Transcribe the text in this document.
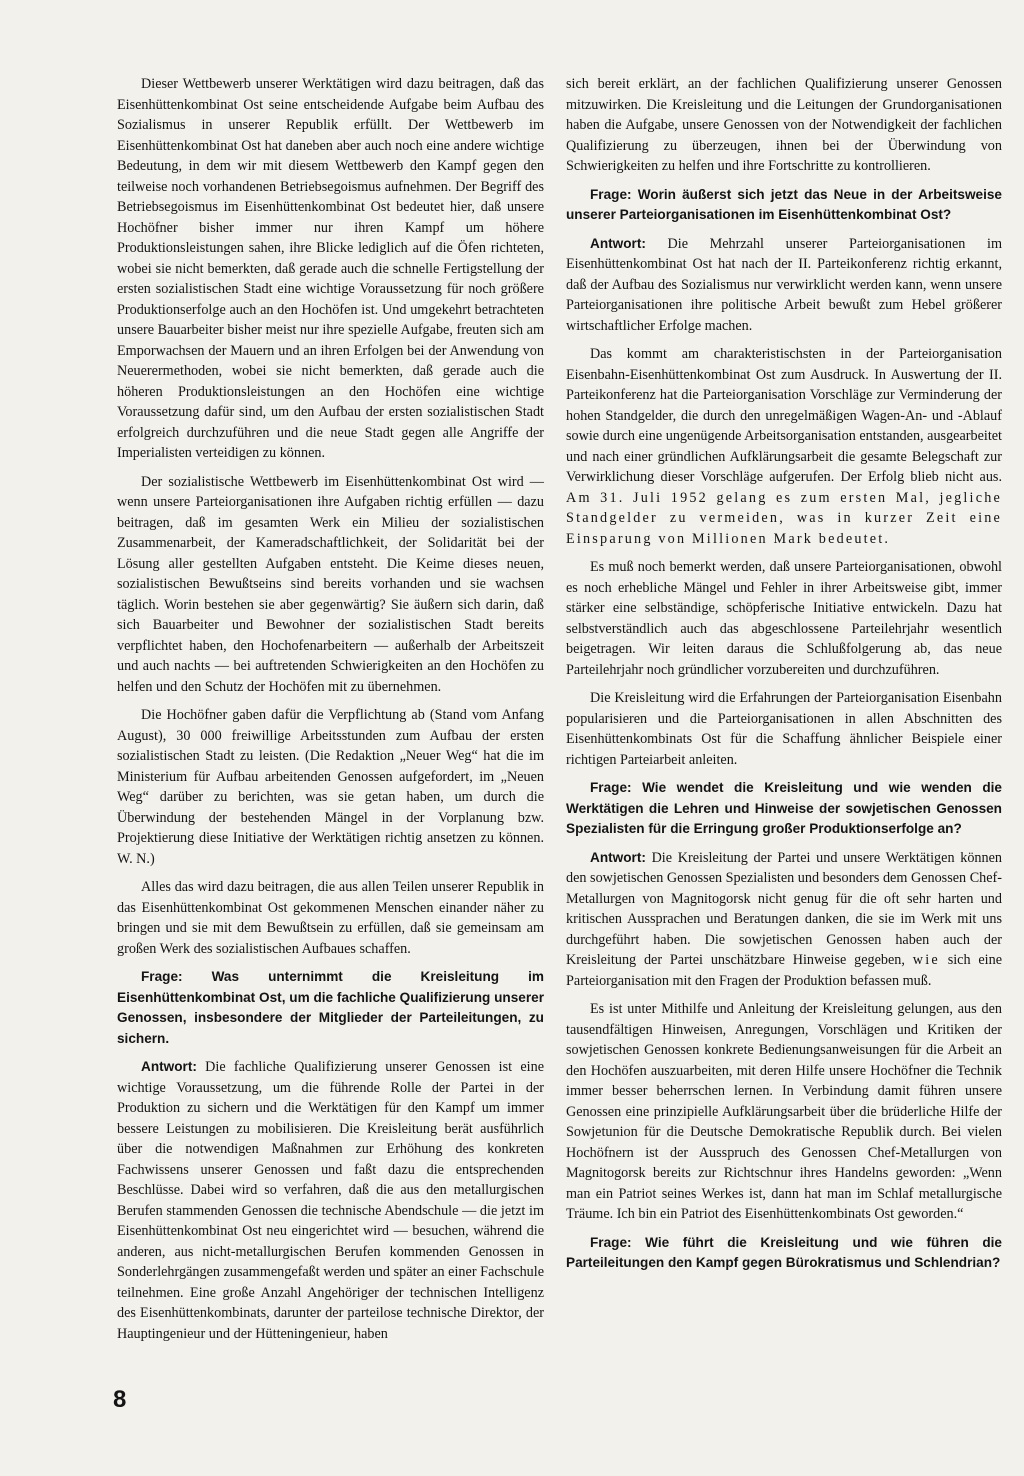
Dieser Wettbewerb unserer Werktätigen wird dazu beitragen, daß das Eisenhüttenkombinat Ost seine entscheidende Aufgabe beim Aufbau des Sozialismus in unserer Republik erfüllt. Der Wettbewerb im Eisenhüttenkombinat Ost hat daneben aber auch noch eine andere wichtige Bedeutung, in dem wir mit diesem Wettbewerb den Kampf gegen den teilweise noch vorhandenen Betriebsegoismus aufnehmen. Der Begriff des Betriebsegoismus im Eisenhüttenkombinat Ost bedeutet hier, daß unsere Hochöfner bisher immer nur ihren Kampf um höhere Produktionsleistungen sahen, ihre Blicke lediglich auf die Öfen richteten, wobei sie nicht bemerkten, daß gerade auch die schnelle Fertigstellung der ersten sozialistischen Stadt eine wichtige Voraussetzung für noch größere Produktionserfolge auch an den Hochöfen ist. Und umgekehrt betrachteten unsere Bauarbeiter bisher meist nur ihre spezielle Aufgabe, freuten sich am Emporwachsen der Mauern und an ihren Erfolgen bei der Anwendung von Neuerermethoden, wobei sie nicht bemerkten, daß gerade auch die höheren Produktionsleistungen an den Hochöfen eine wichtige Voraussetzung dafür sind, um den Aufbau der ersten sozialistischen Stadt erfolgreich durchzuführen und die neue Stadt gegen alle Angriffe der Imperialisten verteidigen zu können.

Der sozialistische Wettbewerb im Eisenhüttenkombinat Ost wird — wenn unsere Parteiorganisationen ihre Aufgaben richtig erfüllen — dazu beitragen, daß im gesamten Werk ein Milieu der sozialistischen Zusammenarbeit, der Kameradschaftlichkeit, der Solidarität bei der Lösung aller gestellten Aufgaben entsteht. Die Keime dieses neuen, sozialistischen Bewußtseins sind bereits vorhanden und sie wachsen täglich. Worin bestehen sie aber gegenwärtig? Sie äußern sich darin, daß sich Bauarbeiter und Bewohner der sozialistischen Stadt bereits verpflichtet haben, den Hochofenarbeitern — außerhalb der Arbeitszeit und auch nachts — bei auftretenden Schwierigkeiten an den Hochöfen zu helfen und den Schutz der Hochöfen mit zu übernehmen.

Die Hochöfner gaben dafür die Verpflichtung ab (Stand vom Anfang August), 30 000 freiwillige Arbeitsstunden zum Aufbau der ersten sozialistischen Stadt zu leisten. (Die Redaktion „Neuer Weg“ hat die im Ministerium für Aufbau arbeitenden Genossen aufgefordert, im „Neuen Weg“ darüber zu berichten, was sie getan haben, um durch die Überwindung der bestehenden Mängel in der Vorplanung bzw. Projektierung diese Initiative der Werktätigen richtig ansetzen zu können. W. N.)

Alles das wird dazu beitragen, die aus allen Teilen unserer Republik in das Eisenhüttenkombinat Ost gekommenen Menschen einander näher zu bringen und sie mit dem Bewußtsein zu erfüllen, daß sie gemeinsam am großen Werk des sozialistischen Aufbaues schaffen.

Frage: Was unternimmt die Kreisleitung im Eisenhüttenkombinat Ost, um die fachliche Qualifizierung unserer Genossen, insbesondere der Mitglieder der Parteileitungen, zu sichern.

Antwort: Die fachliche Qualifizierung unserer Genossen ist eine wichtige Voraussetzung, um die führende Rolle der Partei in der Produktion zu sichern und die Werktätigen für den Kampf um immer bessere Leistungen zu mobilisieren. Die Kreisleitung berät ausführlich über die notwendigen Maßnahmen zur Erhöhung des konkreten Fachwissens unserer Genossen und faßt dazu die entsprechenden Beschlüsse. Dabei wird so verfahren, daß die aus den metallurgischen Berufen stammenden Genossen die technische Abendschule — die jetzt im Eisenhüttenkombinat Ost neu eingerichtet wird — besuchen, während die anderen, aus nicht-metallurgischen Berufen kommenden Genossen in Sonderlehrgängen zusammengefaßt werden und später an einer Fachschule teilnehmen. Eine große Anzahl Angehöriger der technischen Intelligenz des Eisenhüttenkombinats, darunter der parteilose technische Direktor, der Hauptingenieur und der Hütteningenieur, haben

sich bereit erklärt, an der fachlichen Qualifizierung unserer Genossen mitzuwirken. Die Kreisleitung und die Leitungen der Grundorganisationen haben die Aufgabe, unsere Genossen von der Notwendigkeit der fachlichen Qualifizierung zu überzeugen, ihnen bei der Überwindung von Schwierigkeiten zu helfen und ihre Fortschritte zu kontrollieren.

Frage: Worin äußerst sich jetzt das Neue in der Arbeitsweise unserer Parteiorganisationen im Eisenhüttenkombinat Ost?

Antwort: Die Mehrzahl unserer Parteiorganisationen im Eisenhüttenkombinat Ost hat nach der II. Parteikonferenz richtig erkannt, daß der Aufbau des Sozialismus nur verwirklicht werden kann, wenn unsere Parteiorganisationen ihre politische Arbeit bewußt zum Hebel größerer wirtschaftlicher Erfolge machen.

Das kommt am charakteristischsten in der Parteiorganisation Eisenbahn-Eisenhüttenkombinat Ost zum Ausdruck. In Auswertung der II. Parteikonferenz hat die Parteiorganisation Vorschläge zur Verminderung der hohen Standgelder, die durch den unregelmäßigen Wagen-An- und -Ablauf sowie durch eine ungenügende Arbeitsorganisation entstanden, ausgearbeitet und nach einer gründlichen Aufklärungsarbeit die gesamte Belegschaft zur Verwirklichung dieser Vorschläge aufgerufen. Der Erfolg blieb nicht aus. Am 31. Juli 1952 gelang es zum ersten Mal, jegliche Standgelder zu vermeiden, was in kurzer Zeit eine Einsparung von Millionen Mark bedeutet.

Es muß noch bemerkt werden, daß unsere Parteiorganisationen, obwohl es noch erhebliche Mängel und Fehler in ihrer Arbeitsweise gibt, immer stärker eine selbständige, schöpferische Initiative entwickeln. Dazu hat selbstverständlich auch das abgeschlossene Parteilehrjahr wesentlich beigetragen. Wir leiten daraus die Schlußfolgerung ab, das neue Parteilehrjahr noch gründlicher vorzubereiten und durchzuführen.

Die Kreisleitung wird die Erfahrungen der Parteiorganisation Eisenbahn popularisieren und die Parteiorganisationen in allen Abschnitten des Eisenhüttenkombinats Ost für die Schaffung ähnlicher Beispiele einer richtigen Parteiarbeit anleiten.

Frage: Wie wendet die Kreisleitung und wie wenden die Werktätigen die Lehren und Hinweise der sowjetischen Genossen Spezialisten für die Erringung großer Produktionserfolge an?

Antwort: Die Kreisleitung der Partei und unsere Werktätigen können den sowjetischen Genossen Spezialisten und besonders dem Genossen Chef-Metallurgen von Magnitogorsk nicht genug für die oft sehr harten und kritischen Aussprachen und Beratungen danken, die sie im Werk mit uns durchgeführt haben. Die sowjetischen Genossen haben auch der Kreisleitung der Partei unschätzbare Hinweise gegeben, wie sich eine Parteiorganisation mit den Fragen der Produktion befassen muß.

Es ist unter Mithilfe und Anleitung der Kreisleitung gelungen, aus den tausendfältigen Hinweisen, Anregungen, Vorschlägen und Kritiken der sowjetischen Genossen konkrete Bedienungsanweisungen für die Arbeit an den Hochöfen auszuarbeiten, mit deren Hilfe unsere Hochöfner die Technik immer besser beherrschen lernen. In Verbindung damit führen unsere Genossen eine prinzipielle Aufklärungsarbeit über die brüderliche Hilfe der Sowjetunion für die Deutsche Demokratische Republik durch. Bei vielen Hochöfnern ist der Ausspruch des Genossen Chef-Metallurgen von Magnitogorsk bereits zur Richtschnur ihres Handelns geworden: „Wenn man ein Patriot seines Werkes ist, dann hat man im Schlaf metallurgische Träume. Ich bin ein Patriot des Eisenhüttenkombinats Ost geworden.“

Frage: Wie führt die Kreisleitung und wie führen die Parteileitungen den Kampf gegen Bürokratismus und Schlendrian?

8
